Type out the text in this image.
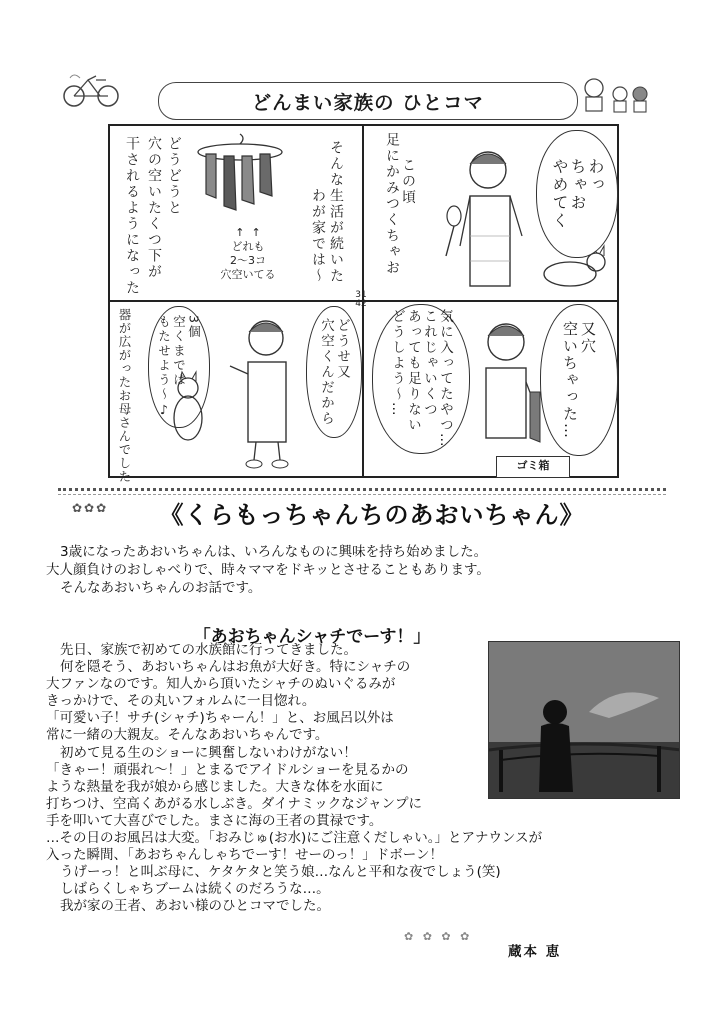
どんまい家族の ひとコマ
そんな生活が続いた
わが家では〜

この頃
足にかみつくちゃお
	わっ
ちゃお
やめてく
どうどうと
穴の空いたくつ下が
干されるようになった	↑  ↑
どれも
2〜3コ
穴空いてる
31
42
又穴
空いちゃった…
気に入ってたやつ…
これじゃいくつ
あっても足りない
どうしよう〜…
ゴミ箱
どうせ又
穴空くんだから
3個
空くまでは
もたせよう〜♪
器が広がったお母さんでした
✿✿✿	《くらもっちゃんちのあおいちゃん》

3歳になったあおいちゃんは、いろんなものに興味を持ち始めました。

大人顔負けのおしゃべりで、時々ママをドキッとさせることもあります。

そんなあおいちゃんのお話です。

「あおちゃんシャチでーす！」

先日、家族で初めての水族館に行ってきました。

何を隠そう、あおいちゃんはお魚が大好き。特にシャチの

大ファンなのです。知人から頂いたシャチのぬいぐるみが

きっかけで、その丸いフォルムに一目惚れ。

「可愛い子！サチ(シャチ)ちゃーん！」と、お風呂以外は

常に一緒の大親友。そんなあおいちゃんです。

初めて見る生のショーに興奮しないわけがない！

「きゃー！頑張れ〜！」とまるでアイドルショーを見るかの

ような熱量を我が娘から感じました。大きな体を水面に

打ちつけ、空高くあがる水しぶき。ダイナミックなジャンプに

手を叩いて大喜びでした。まさに海の王者の貫禄です。

…その日のお風呂は大変。「おみじゅ(お水)にご注意くだしゃい。」とアナウンスが

入った瞬間、「あおちゃんしゃちでーす！せーのっ！」ドボーン！

うげーっ！と叫ぶ母に、ケタケタと笑う娘…なんと平和な夜でしょう(笑)

しばらくしゃちブームは続くのだろうな…。

我が家の王者、あおい様のひとコマでした。

✿ ✿ ✿ ✿
蔵本 恵
